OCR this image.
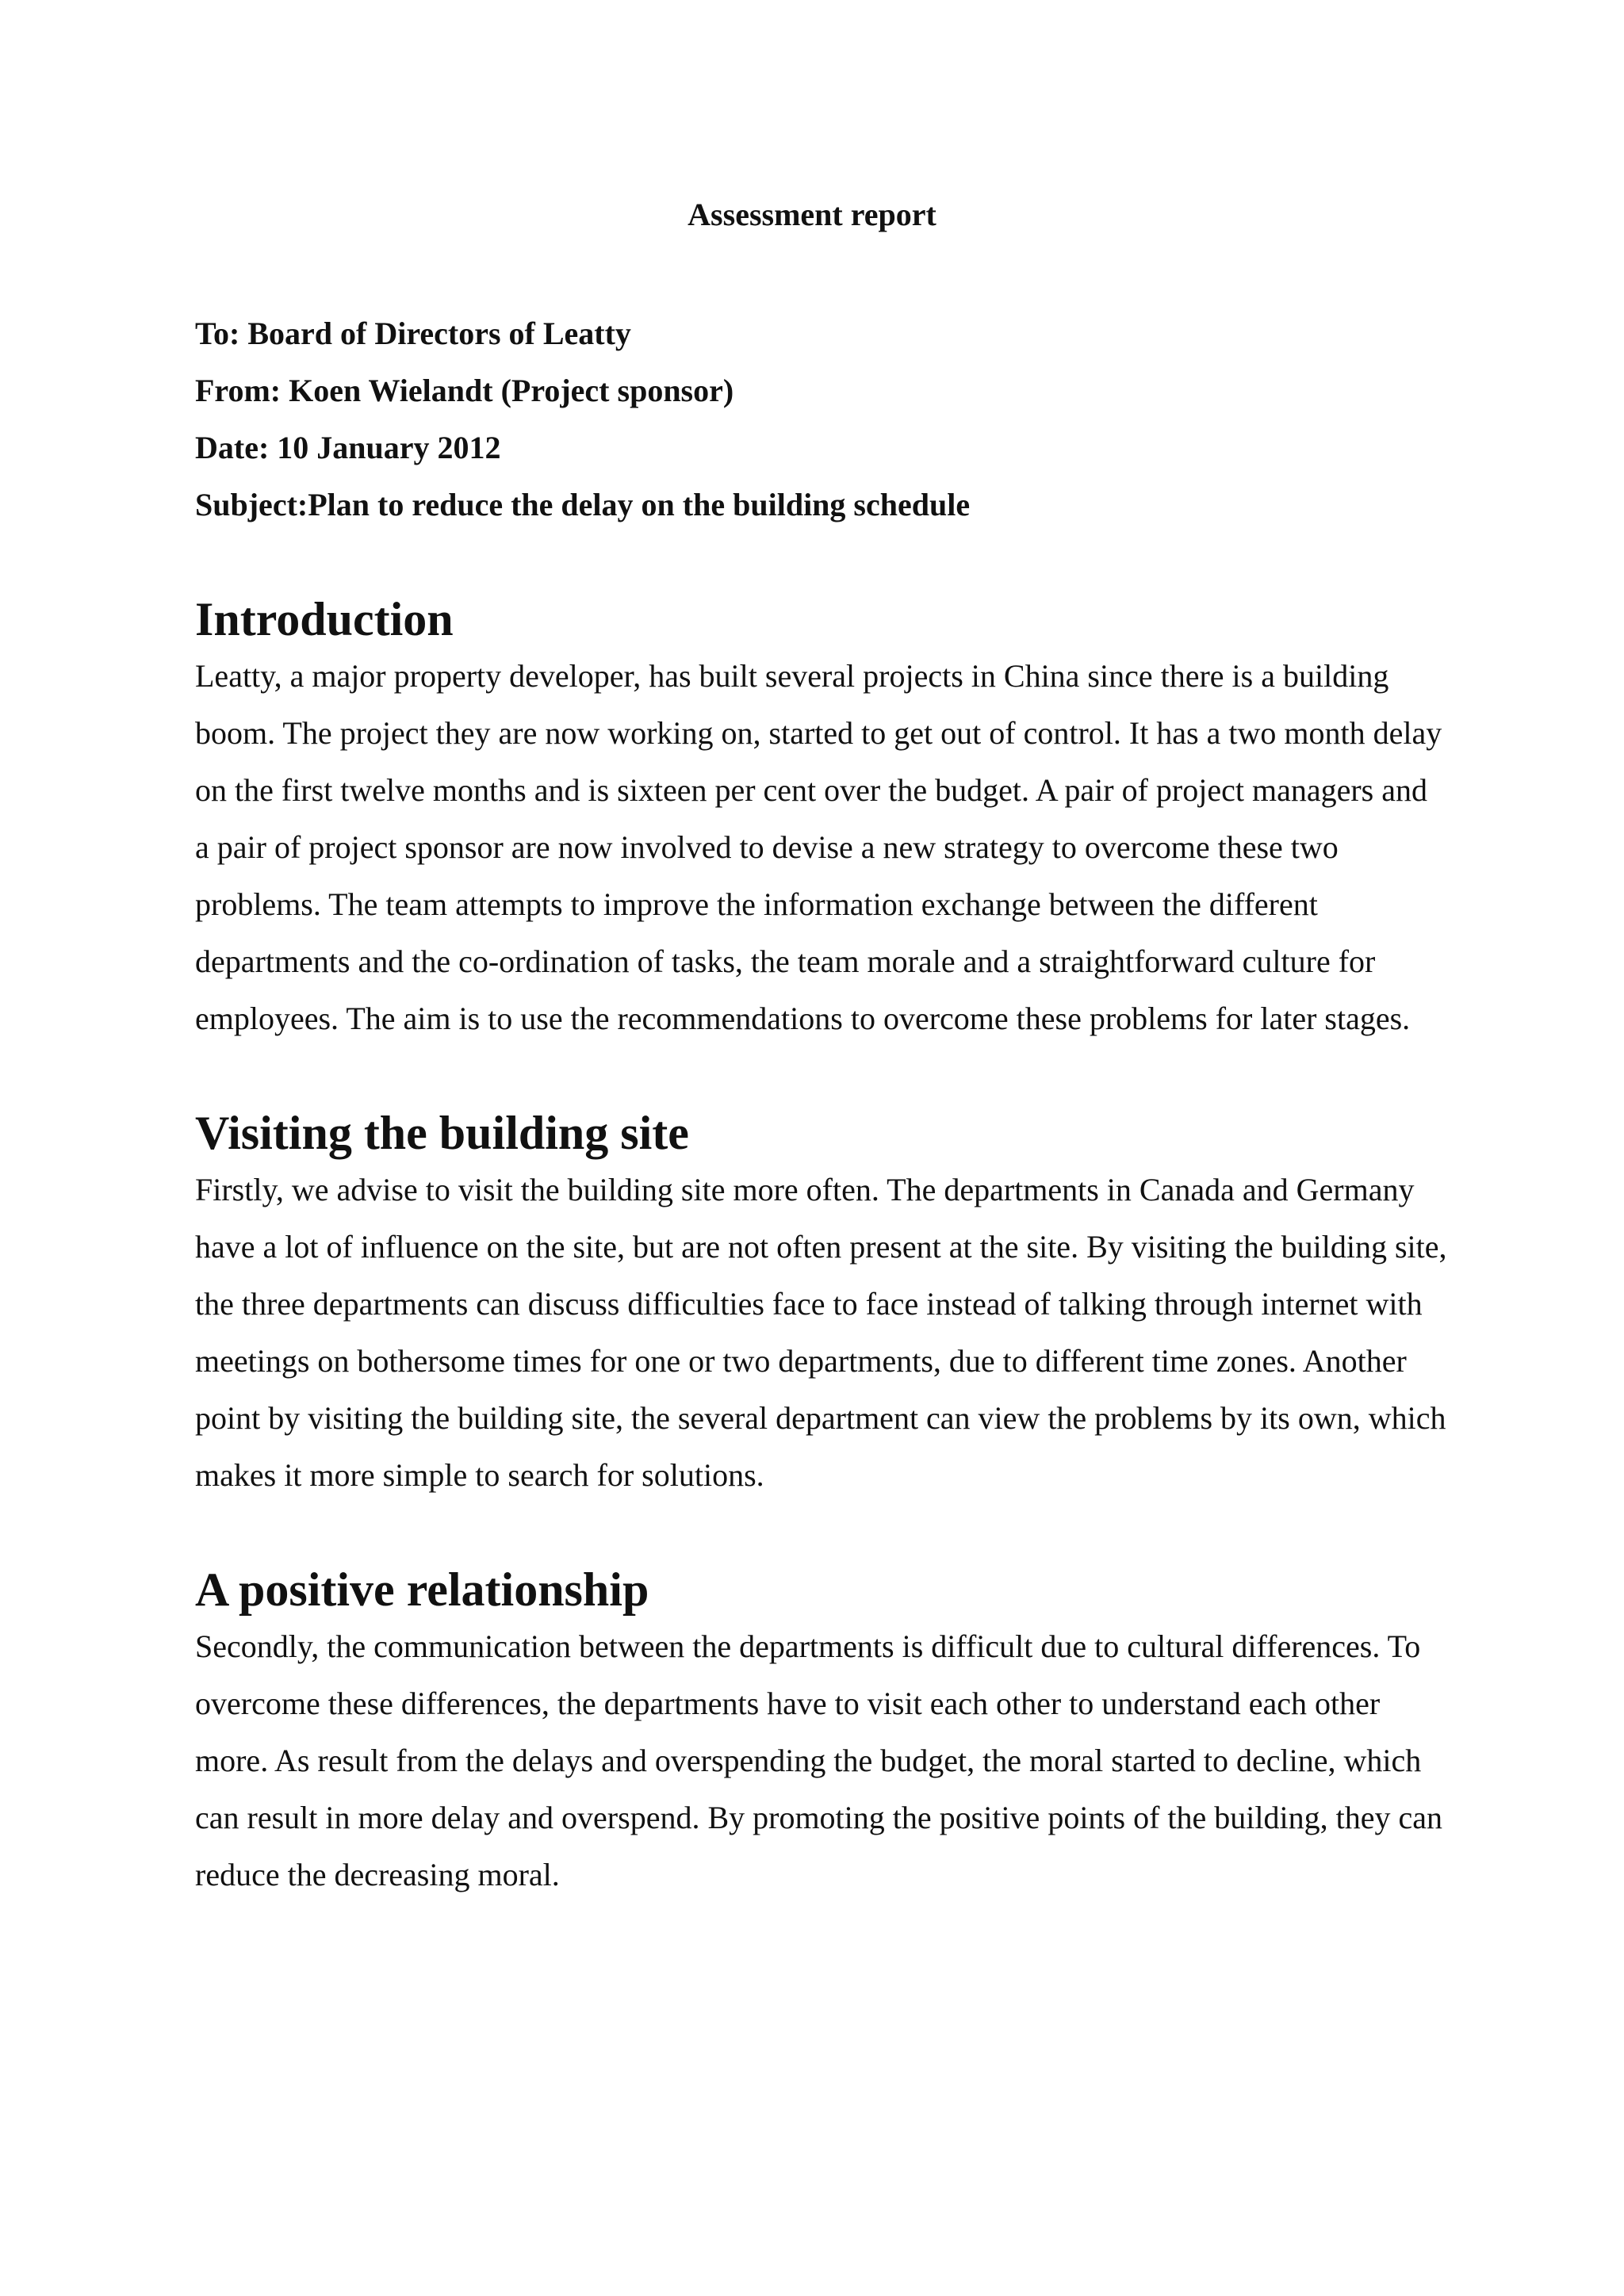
Assessment report

To: Board of Directors of Leatty

From: Koen Wielandt (Project sponsor)

Date: 10 January 2012

Subject:Plan to reduce the delay on the building schedule

Introduction

Leatty, a major property developer, has built several projects in China since there is a building boom. The project they are now working on, started to get out of control. It has a two month delay on the first twelve months and is sixteen per cent over the budget. A pair of project managers and a pair of project sponsor are now involved to devise a new strategy to overcome these two problems. The team attempts to improve the information exchange between the different departments and the co-ordination of tasks, the team morale and a straightforward culture for employees. The aim is to use the recommendations to overcome these problems for later stages.

Visiting the building site

Firstly, we advise to visit the building site more often. The departments in Canada and Germany have a lot of influence on the site, but are not often present at the site. By visiting the building site, the three departments can discuss difficulties face to face instead of talking through internet with meetings on bothersome times for one or two departments, due to different time zones. Another point by visiting the building site, the several department can view the problems by its own, which makes it more simple to search for solutions.

A positive relationship

Secondly, the communication between the departments is difficult due to cultural differences. To overcome these differences, the departments have to visit each other to understand each other more. As result from the delays and overspending the budget, the moral started to decline, which can result in more delay and overspend. By promoting the positive points of the building, they can reduce the decreasing moral.
